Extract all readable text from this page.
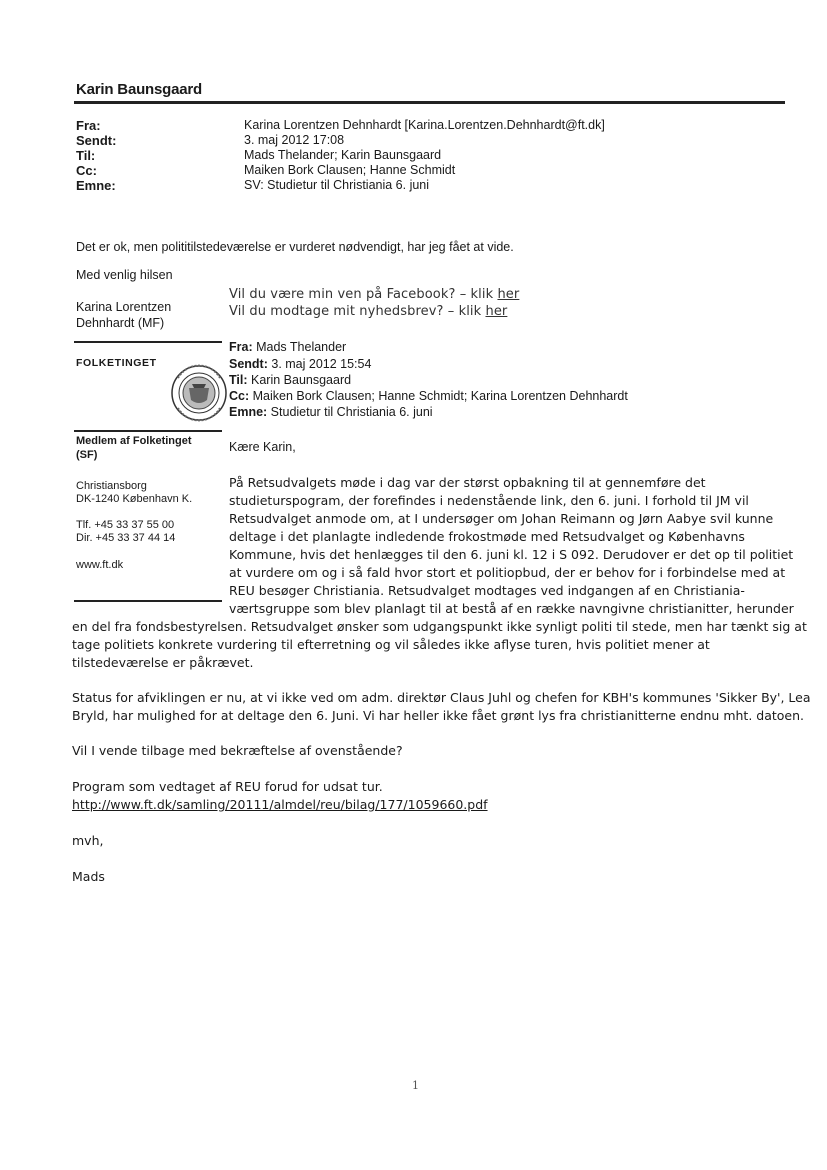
Karin Baunsgaard
Fra:	Karina Lorentzen Dehnhardt [Karina.Lorentzen.Dehnhardt@ft.dk]
Sendt:	3. maj 2012 17:08
Til:	Mads Thelander; Karin Baunsgaard
Cc:	Maiken Bork Clausen; Hanne Schmidt
Emne:	SV: Studietur til Christiania 6. juni
Det er ok, men polititilstedeværelse er vurderet nødvendigt, har jeg fået at vide.
Med venlig hilsen
Karina Lorentzen
Dehnhardt (MF)
Vil du være min ven på Facebook? – klik her
Vil du modtage mit nyhedsbrev? – klik her
FOLKETINGET
Medlem af Folketinget
(SF)
Christiansborg
DK-1240 København K.
Tlf. +45 33 37 55 00
Dir. +45 33 37 44 14
www.ft.dk
Fra: Mads Thelander
Sendt: 3. maj 2012 15:54
Til: Karin Baunsgaard
Cc: Maiken Bork Clausen; Hanne Schmidt; Karina Lorentzen Dehnhardt
Emne: Studietur til Christiania 6. juni
Kære Karin,
På Retsudvalgets møde i dag var der størst opbakning til at gennemføre det
studieturspogram, der forefindes i nedenstående link, den 6. juni. I forhold til JM vil
Retsudvalget anmode om, at I undersøger om Johan Reimann og Jørn Aabye svil kunne
deltage i det planlagte indledende frokostmøde med Retsudvalget og Københavns
Kommune, hvis det henlægges til den 6. juni kl. 12 i S 092. Derudover er det op til politiet
at vurdere om og i så fald hvor stort et politiopbud, der er behov for i forbindelse med at
REU besøger Christiania. Retsudvalget modtages ved indgangen af en Christiania-
værtsgruppe som blev planlagt til at bestå af en række navngivne christianitter, herunder
en del fra fondsbestyrelsen. Retsudvalget ønsker som udgangspunkt ikke synligt politi til stede, men har tænkt sig at
tage politiets konkrete vurdering til efterretning og vil således ikke aflyse turen, hvis politiet mener at
tilstedeværelse er påkrævet.
Status for afviklingen er nu, at vi ikke ved om adm. direktør Claus Juhl og chefen for KBH's kommunes 'Sikker By', Lea
Bryld, har mulighed for at deltage den 6. Juni. Vi har heller ikke fået grønt lys fra christianitterne endnu mht. datoen.
Vil I vende tilbage med bekræftelse af ovenstående?
Program som vedtaget af REU forud for udsat tur.
http://www.ft.dk/samling/20111/almdel/reu/bilag/177/1059660.pdf
mvh,
Mads
1
